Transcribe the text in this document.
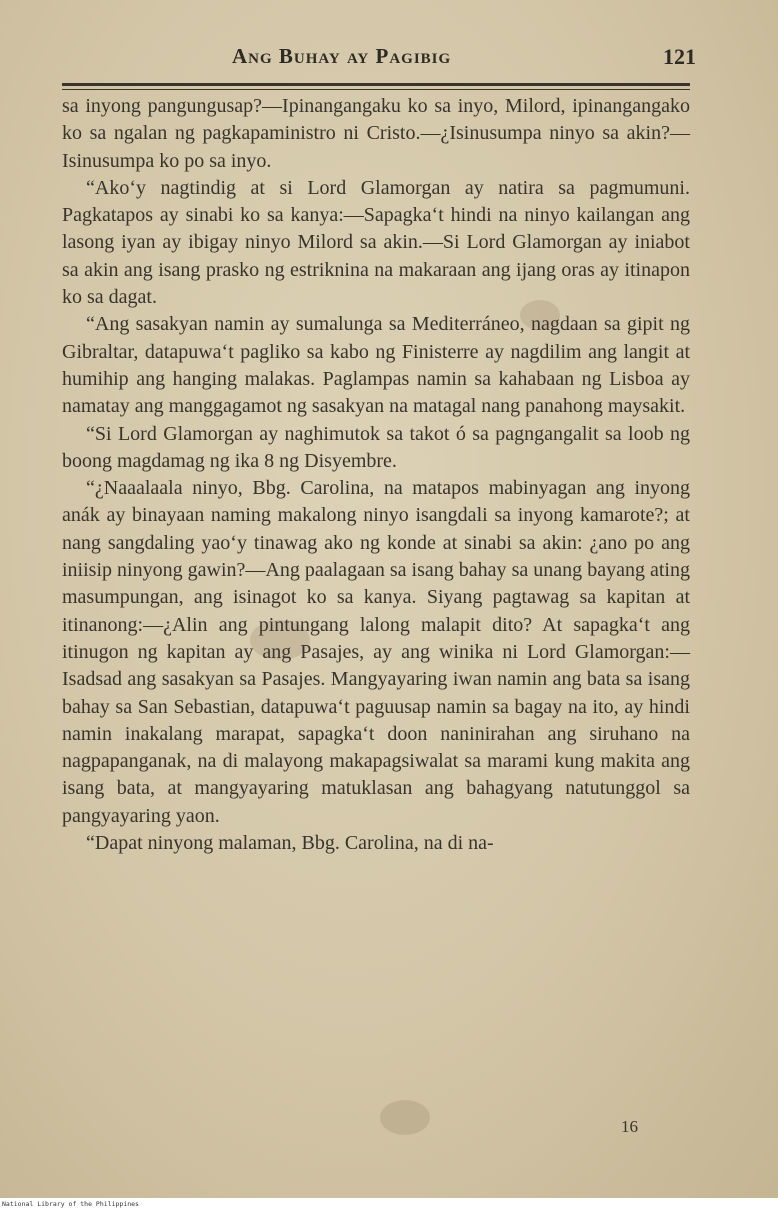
Ang Buhay ay Pagibig	121

sa inyong pangungusap?—Ipinangangaku ko sa inyo, Milord, ipinangangako ko sa ngalan ng pagkapaministro ni Cristo.—¿Isinusumpa ninyo sa akin?—Isinusumpa ko po sa inyo.

“Ako‘y nagtindig at si Lord Glamorgan ay natira sa pagmumuni. Pagkatapos ay sinabi ko sa kanya:—Sapagka‘t hindi na ninyo kailangan ang lasong iyan ay ibigay ninyo Milord sa akin.—Si Lord Glamorgan ay iniabot sa akin ang isang prasko ng estriknina na makaraan ang ijang oras ay itinapon ko sa dagat.

“Ang sasakyan namin ay sumalunga sa Mediterráneo, nagdaan sa gipit ng Gibraltar, datapuwa‘t pagliko sa kabo ng Finisterre ay nagdilim ang langit at humihip ang hanging malakas. Paglampas namin sa kahabaan ng Lisboa ay namatay ang manggagamot ng sasakyan na matagal nang panahong maysakit.

“Si Lord Glamorgan ay naghimutok sa takot ó sa pagngangalit sa loob ng boong magdamag ng ika 8 ng Disyembre.

“¿Naaalaala ninyo, Bbg. Carolina, na matapos mabinyagan ang inyong anák ay binayaan naming makalong ninyo isangdali sa inyong kamarote?; at nang sangdaling yao‘y tinawag ako ng konde at sinabi sa akin: ¿ano po ang iniisip ninyong gawin?—Ang paalagaan sa isang bahay sa unang bayang ating masumpungan, ang isinagot ko sa kanya. Siyang pagtawag sa kapitan at itinanong:—¿Alin ang pintungang lalong malapit dito? At sapagka‘t ang itinugon ng kapitan ay ang Pasajes, ay ang winika ni Lord Glamorgan:—Isadsad ang sasakyan sa Pasajes. Mangyayaring iwan namin ang bata sa isang bahay sa San Sebastian, datapuwa‘t paguusap namin sa bagay na ito, ay hindi namin inakalang marapat, sapagka‘t doon naninirahan ang siruhano na nagpapanganak, na di malayong makapagsiwalat sa marami kung makita ang isang bata, at mangyayaring matuklasan ang bahagyang natutunggol sa pangyayaring yaon.

“Dapat ninyong malaman, Bbg. Carolina, na di na-

16
National Library of the Philippines
